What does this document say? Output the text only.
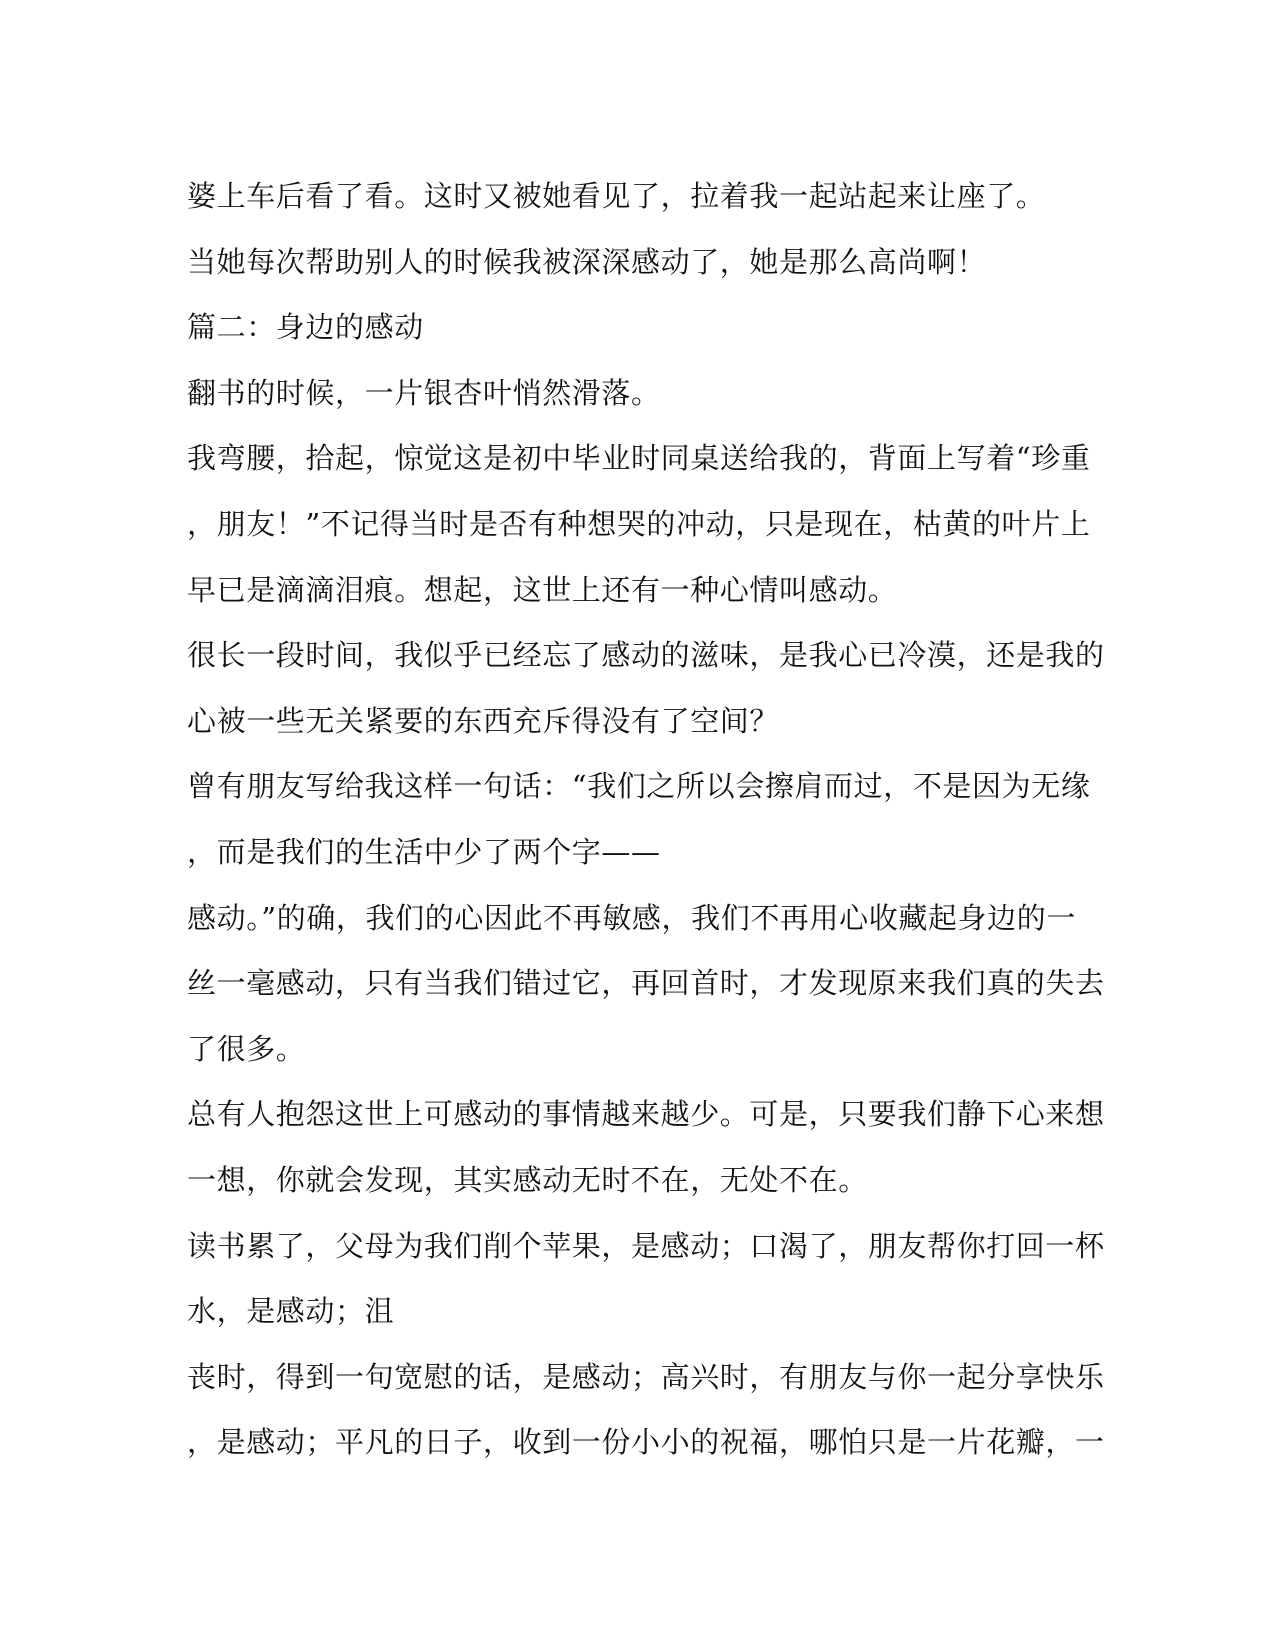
婆上车后看了看。这时又被她看见了，拉着我一起站起来让座了。
当她每次帮助别人的时候我被深深感动了，她是那么高尚啊！
篇二：身边的感动
翻书的时候，一片银杏叶悄然滑落。
我弯腰，拾起，惊觉这是初中毕业时同桌送给我的，背面上写着“珍重
，朋友！”不记得当时是否有种想哭的冲动，只是现在，枯黄的叶片上
早已是滴滴泪痕。想起，这世上还有一种心情叫感动。
很长一段时间，我似乎已经忘了感动的滋味，是我心已冷漠，还是我的
心被一些无关紧要的东西充斥得没有了空间？
曾有朋友写给我这样一句话：“我们之所以会擦肩而过，不是因为无缘
，而是我们的生活中少了两个字——
感动。”的确，我们的心因此不再敏感，我们不再用心收藏起身边的一
丝一毫感动，只有当我们错过它，再回首时，才发现原来我们真的失去
了很多。
总有人抱怨这世上可感动的事情越来越少。可是，只要我们静下心来想
一想，你就会发现，其实感动无时不在，无处不在。
读书累了，父母为我们削个苹果，是感动；口渴了，朋友帮你打回一杯
水，是感动；沮
丧时，得到一句宽慰的话，是感动；高兴时，有朋友与你一起分享快乐
，是感动；平凡的日子，收到一份小小的祝福，哪怕只是一片花瓣，一
